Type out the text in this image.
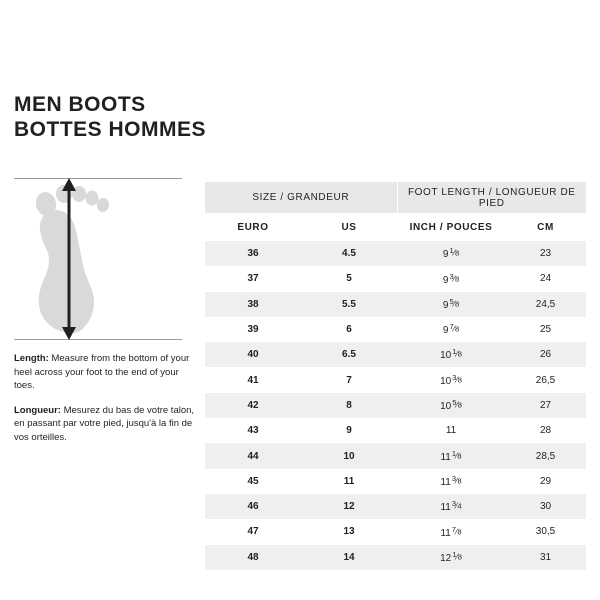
MEN BOOTS
BOTTES HOMMES
Length: Measure from the bottom of your heel across your foot to the end of your toes.
Longueur: Mesurez du bas de votre talon, en passant par votre pied, jusqu'à la fin de vos orteilles.
SIZE / GRANDEUR		FOOT LENGTH / LONGUEUR DE PIED	
EURO	US	INCH / POUCES	CM
36	4.5	$9^1⁄8$	23
37	5	$9^3⁄8$	24
38	5.5	$9^5⁄8$	24,5
39	6	$9^7⁄8$	25
40	6.5	$10^1⁄8$	26
41	7	$10^3⁄8$	26,5
42	8	$10^5⁄8$	27
43	9	11	28
44	10	$11^1⁄8$	28,5
45	11	$11^3⁄8$	29
46	12	$11^3⁄4$	30
47	13	$11^7⁄8$	30,5
48	14	$12^1⁄8$	31
